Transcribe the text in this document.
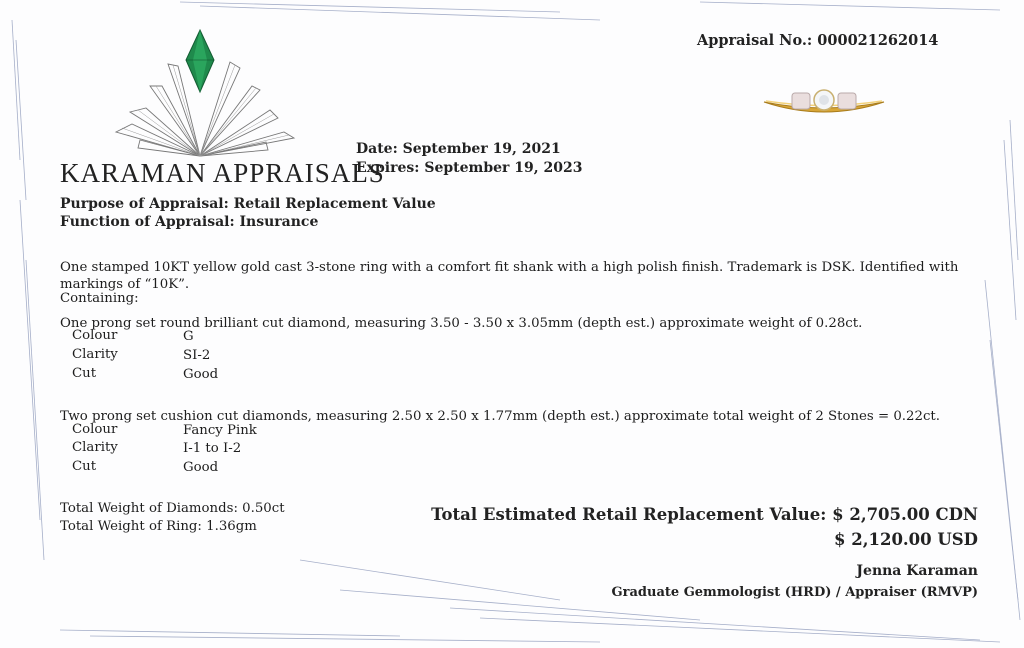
KARAMAN APPRAISALS
Appraisal No.: 000021262014
Date: September 19, 2021
Expires: September 19, 2023
Purpose of Appraisal: Retail Replacement Value
Function of Appraisal: Insurance
One stamped 10KT yellow gold cast 3-stone ring with a comfort fit shank with a high polish finish. Trademark is DSK. Identified with markings of “10K”.
Containing:
One prong set round brilliant cut diamond, measuring 3.50 - 3.50 x 3.05mm (depth est.) approximate weight of 0.28ct.
Colour	G
Clarity	SI-2
Cut	Good
Two prong set cushion cut diamonds, measuring 2.50 x 2.50 x 1.77mm (depth est.) approximate total weight of 2 Stones = 0.22ct.
Colour	Fancy Pink
Clarity	I-1 to I-2
Cut	Good
Total Weight of Diamonds: 0.50ct
Total Weight of Ring: 1.36gm
Total Estimated Retail Replacement Value: $ 2,705.00 CDN
$ 2,120.00 USD
Jenna Karaman
Graduate Gemmologist (HRD) / Appraiser (RMVP)
